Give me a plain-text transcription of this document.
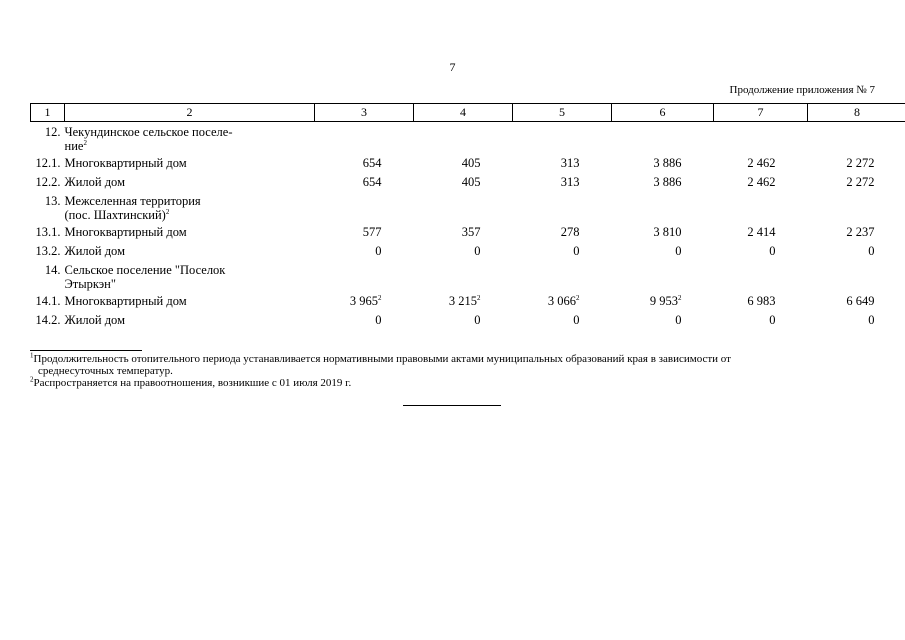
7
Продолжение приложения № 7
1	2	3	4	5	6	7	8
12.	Чекундинское сельское поселе-
ние$^2$

12.1.	Многоквартирный дом	654	405	313	3 886	2 462	2 272
12.2.	Жилой дом	654	405	313	3 886	2 462	2 272
13.	Межселенная территория
(пос. Шахтинский)$^2$

13.1.	Многоквартирный дом	577	357	278	3 810	2 414	2 237
13.2.	Жилой дом	0	0	0	0	0	0
14.	Сельское поселение "Поселок
Этыркэн"						

14.1.	Многоквартирный дом	3 $965^2$	3 $215^2$	3 $066^2$	9 $953^2$	6 983	6 649
14.2.	Жилой дом	0	0	0	0	0	0

$^1$Продолжительность отопительного периода устанавливается нормативными правовыми актами муниципальных образований края в зависимости от

среднесуточных температур.

$^2$Распространяется на правоотношения, возникшие с 01 июля 2019 г.
